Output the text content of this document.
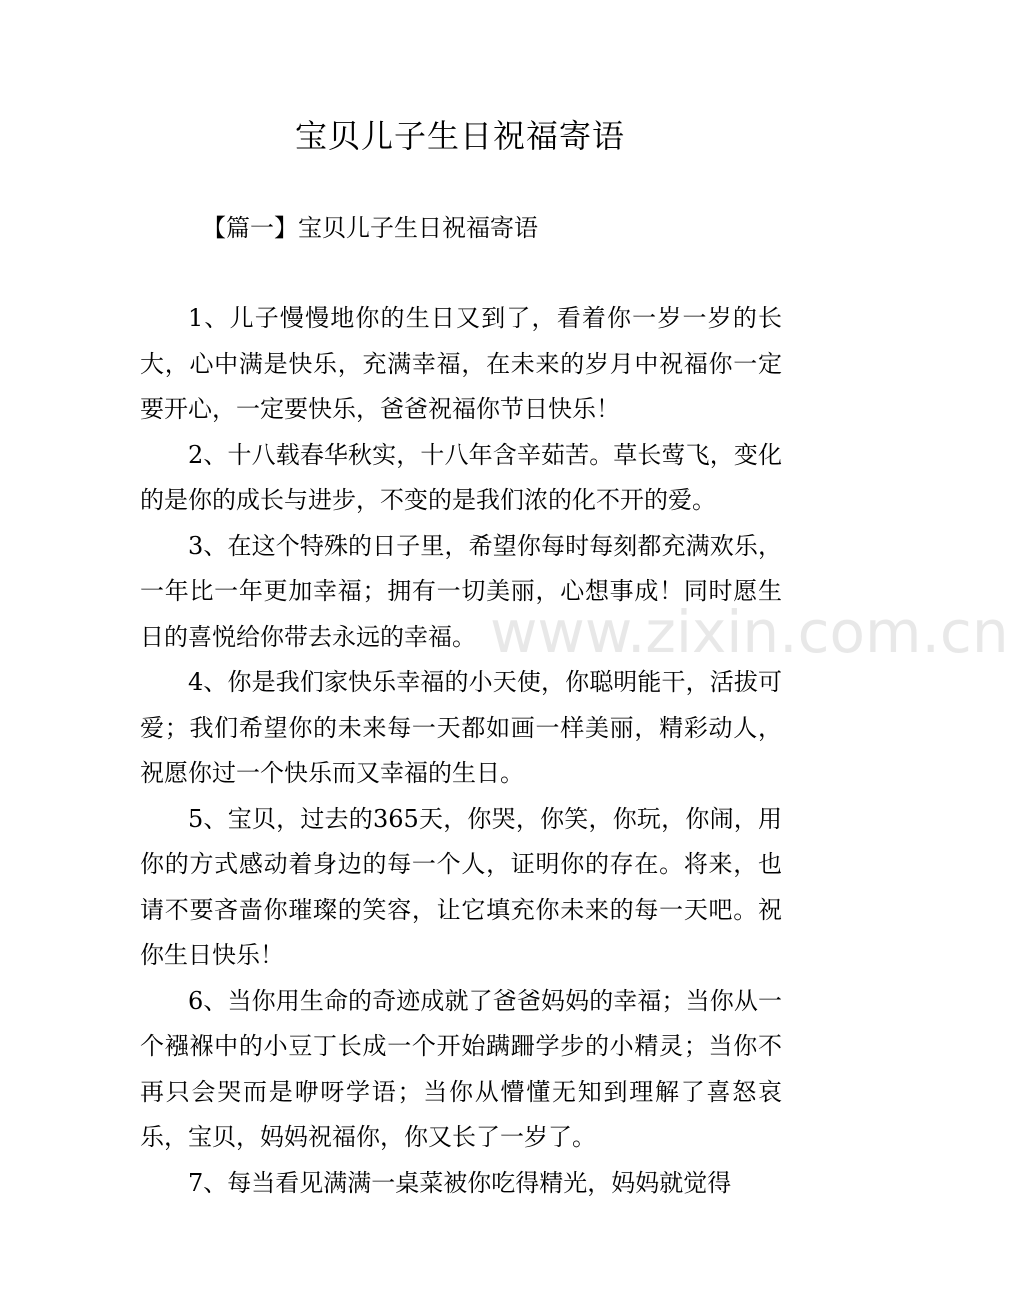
宝贝儿子生日祝福寄语

【篇一】宝贝儿子生日祝福寄语

1、儿子慢慢地你的生日又到了，看着你一岁一岁的长大，心中满是快乐，充满幸福，在未来的岁月中祝福你一定要开心，一定要快乐，爸爸祝福你节日快乐！

2、十八载春华秋实，十八年含辛茹苦。草长莺飞，变化的是你的成长与进步，不变的是我们浓的化不开的爱。

3、在这个特殊的日子里，希望你每时每刻都充满欢乐，一年比一年更加幸福；拥有一切美丽，心想事成！同时愿生日的喜悦给你带去永远的幸福。

4、你是我们家快乐幸福的小天使，你聪明能干，活拔可爱；我们希望你的未来每一天都如画一样美丽，精彩动人，祝愿你过一个快乐而又幸福的生日。

5、宝贝，过去的365天，你哭，你笑，你玩，你闹，用你的方式感动着身边的每一个人，证明你的存在。将来，也请不要吝啬你璀璨的笑容，让它填充你未来的每一天吧。祝你生日快乐！

6、当你用生命的奇迹成就了爸爸妈妈的幸福；当你从一个襁褓中的小豆丁长成一个开始蹒跚学步的小精灵；当你不再只会哭而是咿呀学语；当你从懵懂无知到理解了喜怒哀乐，宝贝，妈妈祝福你，你又长了一岁了。

7、每当看见满满一桌菜被你吃得精光，妈妈就觉得

www.zixin.com.cn
